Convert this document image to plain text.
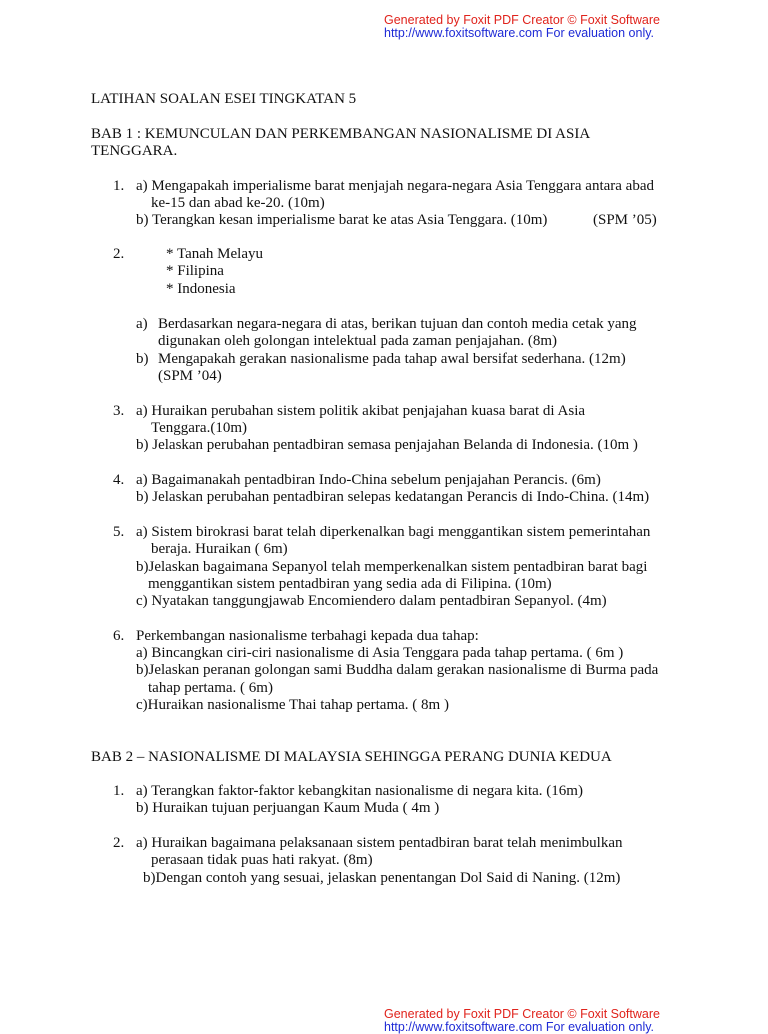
Generated by Foxit PDF Creator © Foxit Software
http://www.foxitsoftware.com For evaluation only.
LATIHAN SOALAN ESEI TINGKATAN 5
BAB 1 : KEMUNCULAN DAN PERKEMBANGAN NASIONALISME DI ASIA
TENGGARA.
1. a) Mengapakah imperialisme barat menjajah negara-negara Asia Tenggara antara abad
ke-15 dan abad ke-20. (10m)
b) Terangkan kesan imperialisme barat ke atas Asia Tenggara. (10m)	(SPM ’05)
2.	* Tanah Melayu
* Filipina
* Indonesia
a) Berdasarkan negara-negara di atas, berikan tujuan dan contoh media cetak yang
digunakan oleh golongan intelektual pada zaman penjajahan. (8m)
b) Mengapakah gerakan nasionalisme pada tahap awal bersifat sederhana. (12m)
(SPM ’04)
3. a) Huraikan perubahan sistem politik akibat penjajahan kuasa barat di Asia
Tenggara.(10m)
b) Jelaskan perubahan pentadbiran semasa penjajahan Belanda di Indonesia. (10m )
4. a) Bagaimanakah pentadbiran Indo-China sebelum penjajahan Perancis. (6m)
b) Jelaskan perubahan pentadbiran selepas kedatangan Perancis di Indo-China. (14m)
5. a) Sistem birokrasi barat telah diperkenalkan bagi menggantikan sistem pemerintahan
beraja. Huraikan ( 6m)
b)Jelaskan bagaimana Sepanyol telah memperkenalkan sistem pentadbiran barat bagi
menggantikan sistem pentadbiran yang sedia ada di Filipina. (10m)
c) Nyatakan tanggungjawab Encomiendero dalam pentadbiran Sepanyol. (4m)
6. Perkembangan nasionalisme terbahagi kepada dua tahap:
a) Bincangkan ciri-ciri nasionalisme di Asia Tenggara pada tahap pertama. ( 6m )
b)Jelaskan peranan golongan sami Buddha dalam gerakan nasionalisme di Burma pada
tahap pertama. ( 6m)
c)Huraikan nasionalisme Thai tahap pertama. ( 8m )
BAB 2 – NASIONALISME DI MALAYSIA SEHINGGA PERANG DUNIA KEDUA
1. a) Terangkan faktor-faktor kebangkitan nasionalisme di negara kita. (16m)
b) Huraikan tujuan perjuangan Kaum Muda ( 4m )
2. a) Huraikan bagaimana pelaksanaan sistem pentadbiran barat telah menimbulkan
perasaan tidak puas hati rakyat. (8m)
b)Dengan contoh yang sesuai, jelaskan penentangan Dol Said di Naning. (12m)
Generated by Foxit PDF Creator © Foxit Software
http://www.foxitsoftware.com For evaluation only.
